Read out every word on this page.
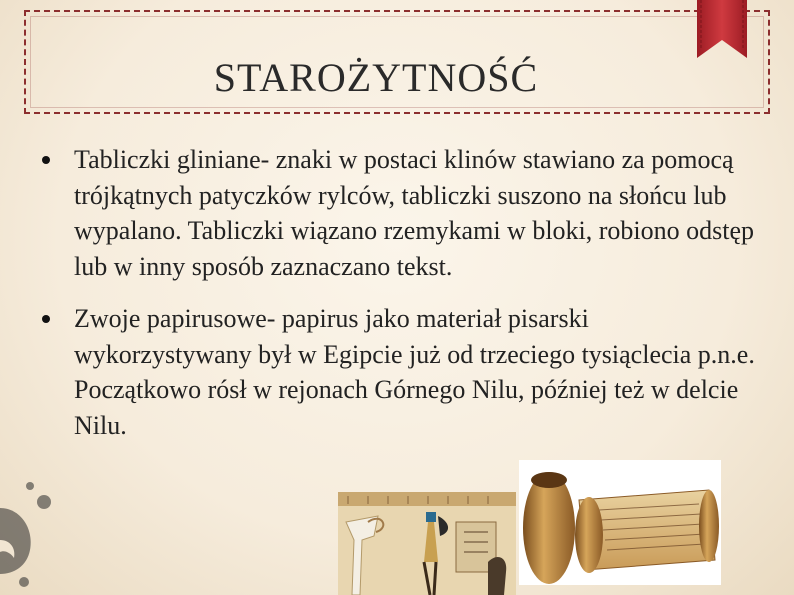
STAROŻYTNOŚĆ
Tabliczki gliniane- znaki w postaci klinów stawiano za pomocą trójkątnych patyczków rylców, tabliczki suszono na słońcu lub wypalano. Tabliczki wiązano rzemykami w bloki, robiono odstęp lub w inny sposób zaznaczano tekst.
Zwoje papirusowe- papirus jako materiał pisarski wykorzystywany był w Egipcie już od trzeciego tysiąclecia p.n.e. Początkowo rósł w rejonach Górnego Nilu, później też w delcie Nilu.
